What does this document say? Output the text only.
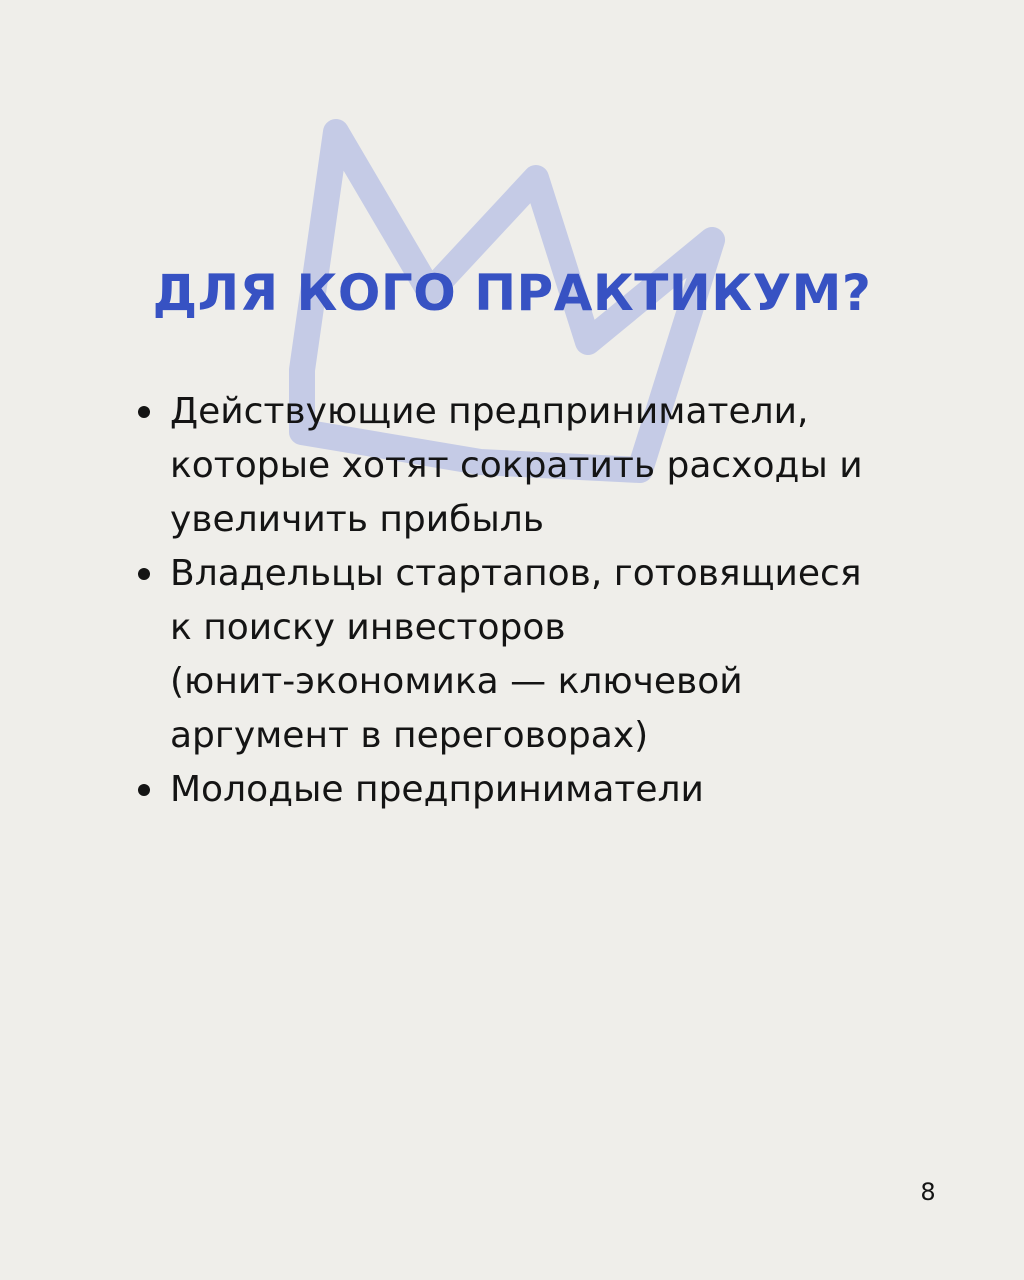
ДЛЯ КОГО ПРАКТИКУМ?
Действующие предприниматели,
которые хотят сократить расходы и
увеличить прибыль
Владельцы стартапов, готовящиеся
к поиску инвесторов
(юнит-экономика — ключевой
аргумент в переговорах)
Молодые предприниматели
8
